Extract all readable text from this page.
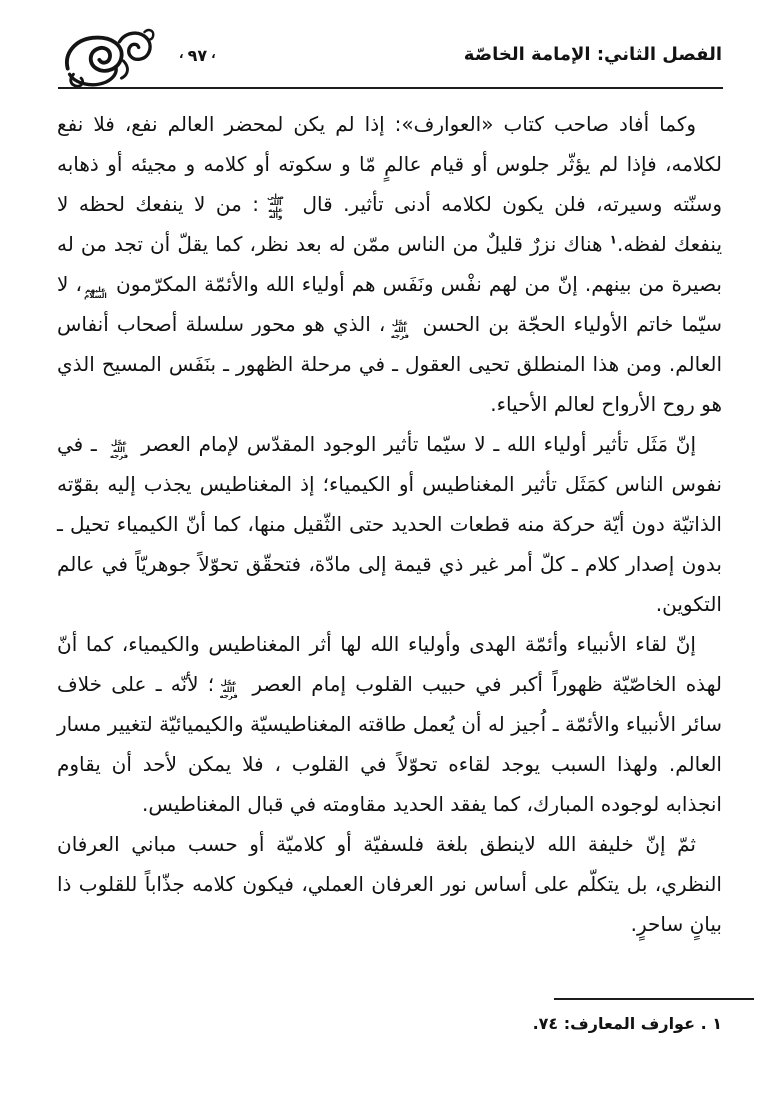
،٩٧،	الفصل الثاني: الإمامة الخاصّة

وكما أفاد صاحب كتاب «العوارف»: إذا لم يكن لمحضر العالم نفع، فلا نفع لكلامه، فإذا لم يؤثّر جلوس أو قيام عالمٍ مّا و سكوته أو كلامه و مجيئه أو ذهابه وسنّته وسيرته، فلن يكون لكلامه أدنى تأثير. قال صلى الله عليه وآله: من لا ينفعك لحظه لا ينفعك لفظه.$^١$ هناك نزرٌ قليلٌ من الناس ممّن له بعد نظر، كما يقلّ أن تجد من له بصيرة من بينهم. إنّ من لهم نفْس ونَفَس هم أولياء الله والأئمّة المكرّمون عليهم السلام، لا سيّما خاتم الأولياء الحجّة بن الحسن عجّل الله فرجه، الذي هو محور سلسلة أصحاب أنفاس العالم. ومن هذا المنطلق تحيى العقول ـ في مرحلة الظهور ـ بنَفَس المسيح الذي هو روح الأرواح لعالم الأحياء.

إنّ مَثَل تأثير أولياء الله ـ لا سيّما تأثير الوجود المقدّس لإمام العصر عجّل الله فرجه ـ في نفوس الناس كمَثَل تأثير المغناطيس أو الكيمياء؛ إذ المغناطيس يجذب إليه بقوّته الذاتيّة دون أيّة حركة منه قطعات الحديد حتى الثّقيل منها، كما أنّ الكيمياء تحيل ـ بدون إصدار كلام ـ كلّ أمر غير ذي قيمة إلى مادّة، فتحقّق تحوّلاً جوهريّاً في عالم التكوين.

إنّ لقاء الأنبياء وأئمّة الهدى وأولياء الله لها أثر المغناطيس والكيمياء، كما أنّ لهذه الخاصّيّة ظهوراً أكبر في حبيب القلوب إمام العصر عجّل الله فرجه؛ لأنّه ـ على خلاف سائر الأنبياء والأئمّة ـ اُجيز له أن يُعمل طاقته المغناطيسيّة والكيميائيّة لتغيير مسار العالم. ولهذا السبب يوجد لقاءه تحوّلاً في القلوب ، فلا يمكن لأحد أن يقاوم انجذابه لوجوده المبارك، كما يفقد الحديد مقاومته في قبال المغناطيس.

ثمّ إنّ خليفة الله لاينطق بلغة فلسفيّة أو كلاميّة أو حسب مباني العرفان النظري، بل يتكلّم على أساس نور العرفان العملي، فيكون كلامه جذّاباً للقلوب ذا بيانٍ ساحرٍ.

١ . عوارف المعارف: ٧٤.
